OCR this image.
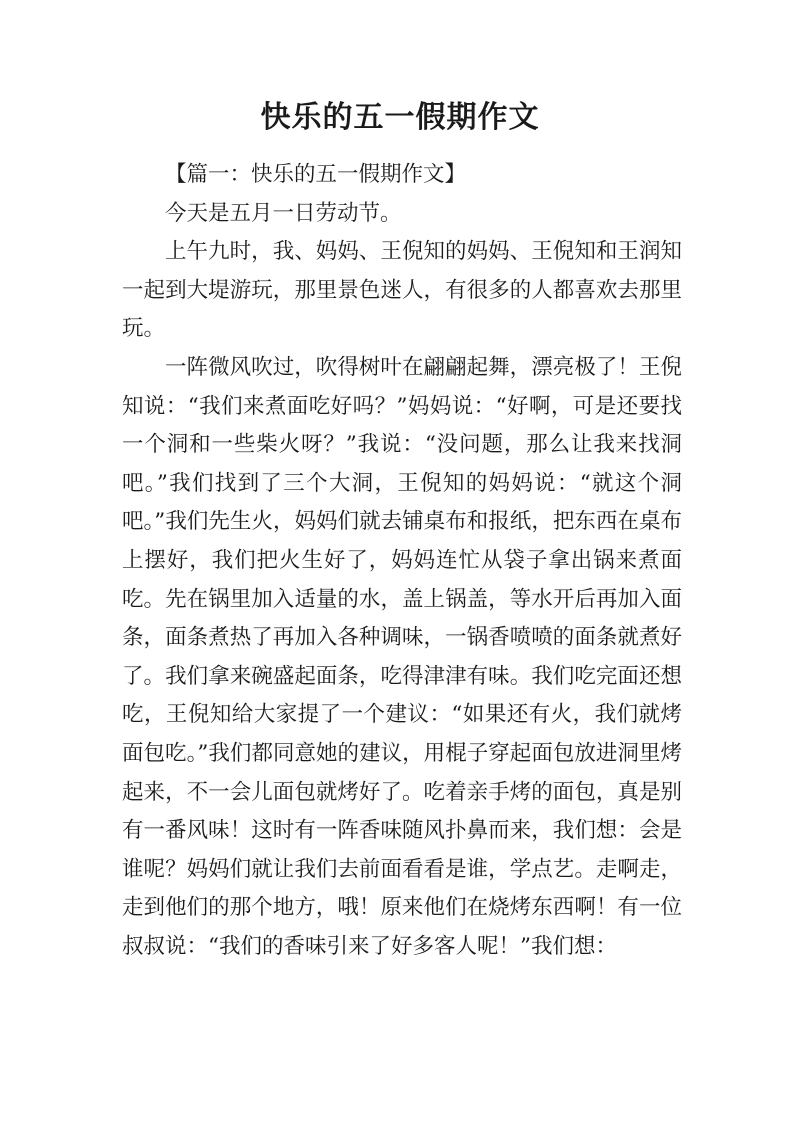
快乐的五一假期作文

【篇一：快乐的五一假期作文】

今天是五月一日劳动节。

上午九时，我、妈妈、王倪知的妈妈、王倪知和王润知一起到大堤游玩，那里景色迷人，有很多的人都喜欢去那里玩。

一阵微风吹过，吹得树叶在翩翩起舞，漂亮极了！王倪知说：“我们来煮面吃好吗？”妈妈说：“好啊，可是还要找一个洞和一些柴火呀？”我说：“没问题，那么让我来找洞吧。”我们找到了三个大洞，王倪知的妈妈说：“就这个洞吧。”我们先生火，妈妈们就去铺桌布和报纸，把东西在桌布上摆好，我们把火生好了，妈妈连忙从袋子拿出锅来煮面吃。先在锅里加入适量的水，盖上锅盖，等水开后再加入面条，面条煮热了再加入各种调味，一锅香喷喷的面条就煮好了。我们拿来碗盛起面条，吃得津津有味。我们吃完面还想吃，王倪知给大家提了一个建议：“如果还有火，我们就烤面包吃。”我们都同意她的建议，用棍子穿起面包放进洞里烤起来，不一会儿面包就烤好了。吃着亲手烤的面包，真是别有一番风味！这时有一阵香味随风扑鼻而来，我们想：会是谁呢？妈妈们就让我们去前面看看是谁，学点艺。走啊走，走到他们的那个地方，哦！原来他们在烧烤东西啊！有一位叔叔说：“我们的香味引来了好多客人呢！”我们想：
